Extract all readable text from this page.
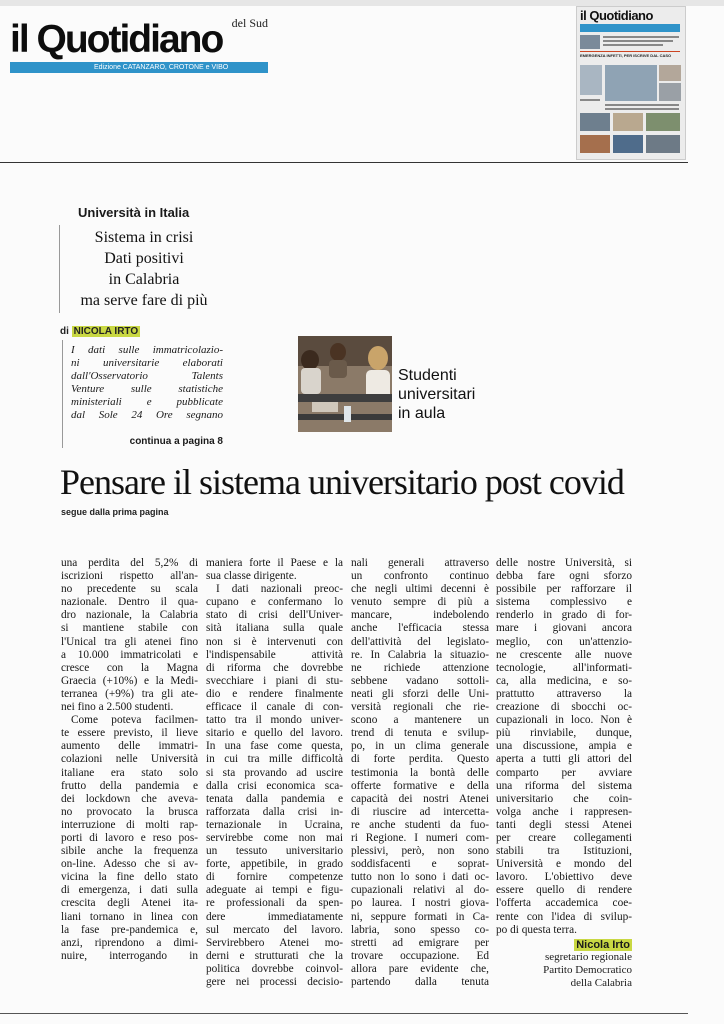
il Quotidiano del Sud
Edizione CATANZARO, CROTONE e VIBO
il Quotidiano
EMERGENZA INFETTI, PER ISCRIVE DAL CASO
Università in Italia
Sistema in crisi
Dati positivi
in Calabria
ma serve fare di più
di NICOLA IRTO
I dati sulle immatricolazio-
ni universitarie elaborati
dall'Osservatorio Talents
Venture sulle statistiche
ministeriali e pubblicate
dal Sole 24 Ore segnano
continua a pagina 8
Studenti
universitari
in aula
Pensare il sistema universitario post covid
segue dalla prima pagina
una perdita del 5,2% di
iscrizioni rispetto all'an-
no precedente su scala
nazionale. Dentro il qua-
dro nazionale, la Calabria
si mantiene stabile con
l'Unical tra gli atenei fino
a 10.000 immatricolati e
cresce con la Magna
Graecia (+10%) e la Medi-
terranea (+9%) tra gli ate-
nei fino a 2.500 studenti.
Come poteva facilmen-
te essere previsto, il lieve
aumento delle immatri-
colazioni nelle Università
italiane era stato solo
frutto della pandemia e
dei lockdown che aveva-
no provocato la brusca
interruzione di molti rap-
porti di lavoro e reso pos-
sibile anche la frequenza
on-line. Adesso che si av-
vicina la fine dello stato
di emergenza, i dati sulla
crescita degli Atenei ita-
liani tornano in linea con
la fase pre-pandemica e,
anzi, riprendono a dimi-
nuire, interrogando in
maniera forte il Paese e la
sua classe dirigente.
I dati nazionali preoc-
cupano e confermano lo
stato di crisi dell'Univer-
sità italiana sulla quale
non si è intervenuti con
l'indispensabile attività
di riforma che dovrebbe
svecchiare i piani di stu-
dio e rendere finalmente
efficace il canale di con-
tatto tra il mondo univer-
sitario e quello del lavoro.
In una fase come questa,
in cui tra mille difficoltà
si sta provando ad uscire
dalla crisi economica sca-
tenata dalla pandemia e
rafforzata dalla crisi in-
ternazionale in Ucraina,
servirebbe come non mai
un tessuto universitario
forte, appetibile, in grado
di fornire competenze
adeguate ai tempi e figu-
re professionali da spen-
dere immediatamente
sul mercato del lavoro.
Servirebbero Atenei mo-
derni e strutturati che la
politica dovrebbe coinvol-
gere nei processi decisio-
nali generali attraverso
un confronto continuo
che negli ultimi decenni è
venuto sempre di più a
mancare, indebolendo
anche l'efficacia stessa
dell'attività del legislato-
re. In Calabria la situazio-
ne richiede attenzione
sebbene vadano sottoli-
neati gli sforzi delle Uni-
versità regionali che rie-
scono a mantenere un
trend di tenuta e svilup-
po, in un clima generale
di forte perdita. Questo
testimonia la bontà delle
offerte formative e della
capacità dei nostri Atenei
di riuscire ad intercetta-
re anche studenti da fuo-
ri Regione. I numeri com-
plessivi, però, non sono
soddisfacenti e soprat-
tutto non lo sono i dati oc-
cupazionali relativi al do-
po laurea. I nostri giova-
ni, seppure formati in Ca-
labria, sono spesso co-
stretti ad emigrare per
trovare occupazione. Ed
allora pare evidente che,
partendo dalla tenuta
delle nostre Università, si
debba fare ogni sforzo
possibile per rafforzare il
sistema complessivo e
renderlo in grado di for-
mare i giovani ancora
meglio, con un'attenzio-
ne crescente alle nuove
tecnologie, all'informati-
ca, alla medicina, e so-
prattutto attraverso la
creazione di sbocchi oc-
cupazionali in loco. Non è
più rinviabile, dunque,
una discussione, ampia e
aperta a tutti gli attori del
comparto per avviare
una riforma del sistema
universitario che coin-
volga anche i rappresen-
tanti degli stessi Atenei
per creare collegamenti
stabili tra Istituzioni,
Università e mondo del
lavoro. L'obiettivo deve
essere quello di rendere
l'offerta accademica coe-
rente con l'idea di svilup-
po di questa terra.
Nicola Irto
segretario regionale
Partito Democratico
della Calabria
